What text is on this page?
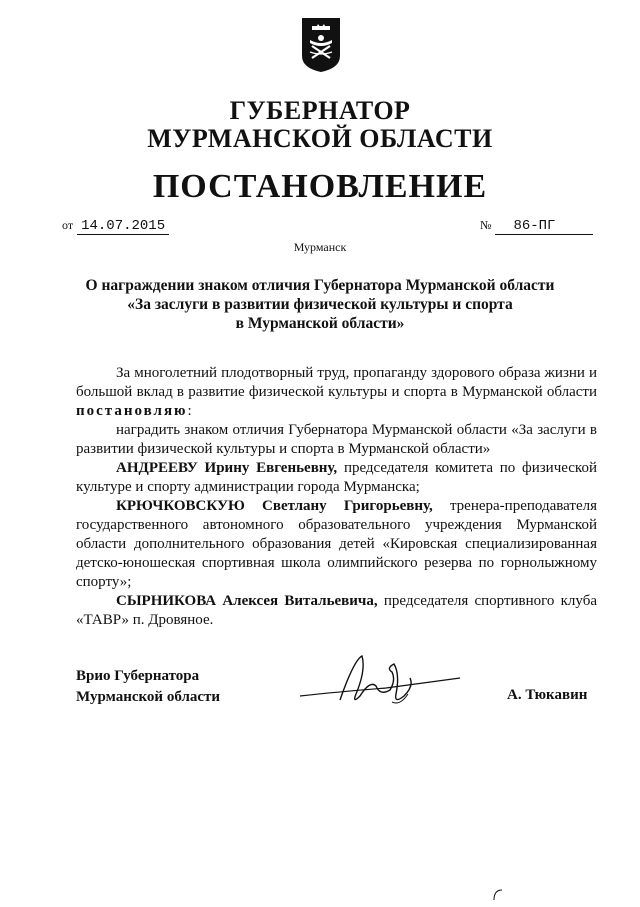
ГУБЕРНАТОР
МУРМАНСКОЙ ОБЛАСТИ
ПОСТАНОВЛЕНИЕ
от 14.07.2015	№ 86-ПГ
Мурманск
О награждении знаком отличия Губернатора Мурманской области
«За заслуги в развитии физической культуры и спорта
в Мурманской области»

За многолетний плодотворный труд, пропаганду здорового образа жизни и большой вклад в развитие физической культуры и спорта в Мурманской области постановляю:

наградить знаком отличия Губернатора Мурманской области «За заслуги в развитии физической культуры и спорта в Мурманской области»

АНДРЕЕВУ Ирину Евгеньевну, председателя комитета по физической культуре и спорту администрации города Мурманска;

КРЮЧКОВСКУЮ Светлану Григорьевну, тренера-преподавателя государственного автономного образовательного учреждения Мурманской области дополнительного образования детей «Кировская специализированная детско-юношеская спортивная школа олимпийского резерва по горнолыжному спорту»;

СЫРНИКОВА Алексея Витальевича, председателя спортивного клуба «ТАВР» п. Дровяное.

Врио Губернатора
Мурманской области	А. Тюкавин
